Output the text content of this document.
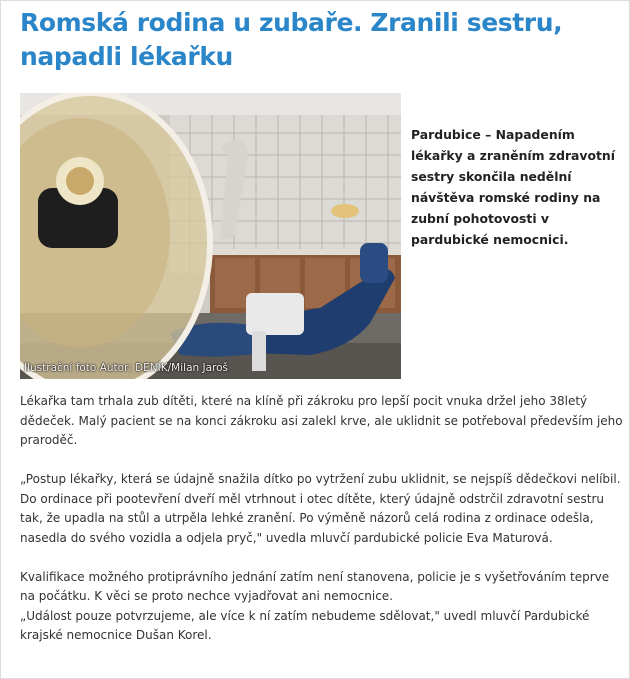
Romská rodina u zubaře. Zranili sestru, napadli lékařku
Ilustrační foto Autor: DENÍK/Milan Jaroš

Pardubice – Napadením lékařky a zraněním zdravotní sestry skončila nedělní návštěva romské rodiny na zubní pohotovosti v pardubické nemocnici.

Lékařka tam trhala zub dítěti, které na klíně při zákroku pro lepší pocit vnuka držel jeho 38letý dědeček. Malý pacient se na konci zákroku asi zalekl krve, ale uklidnit se potřeboval především jeho praroděč.

„Postup lékařky, která se údajně snažila dítko po vytržení zubu uklidnit, se nejspíš dědečkovi nelíbil. Do ordinace při pootevření dveří měl vtrhnout i otec dítěte, který údajně odstrčil zdravotní sestru tak, že upadla na stůl a utrpěla lehké zranění. Po výměně názorů celá rodina z ordinace odešla, nasedla do svého vozidla a odjela pryč," uvedla mluvčí pardubické policie Eva Maturová.

Kvalifikace možného protiprávního jednání zatím není stanovena, policie je s vyšetřováním teprve na počátku. K věci se proto nechce vyjadřovat ani nemocnice.

„Událost pouze potvrzujeme, ale více k ní zatím nebudeme sdělovat," uvedl mluvčí Pardubické krajské nemocnice Dušan Korel.
